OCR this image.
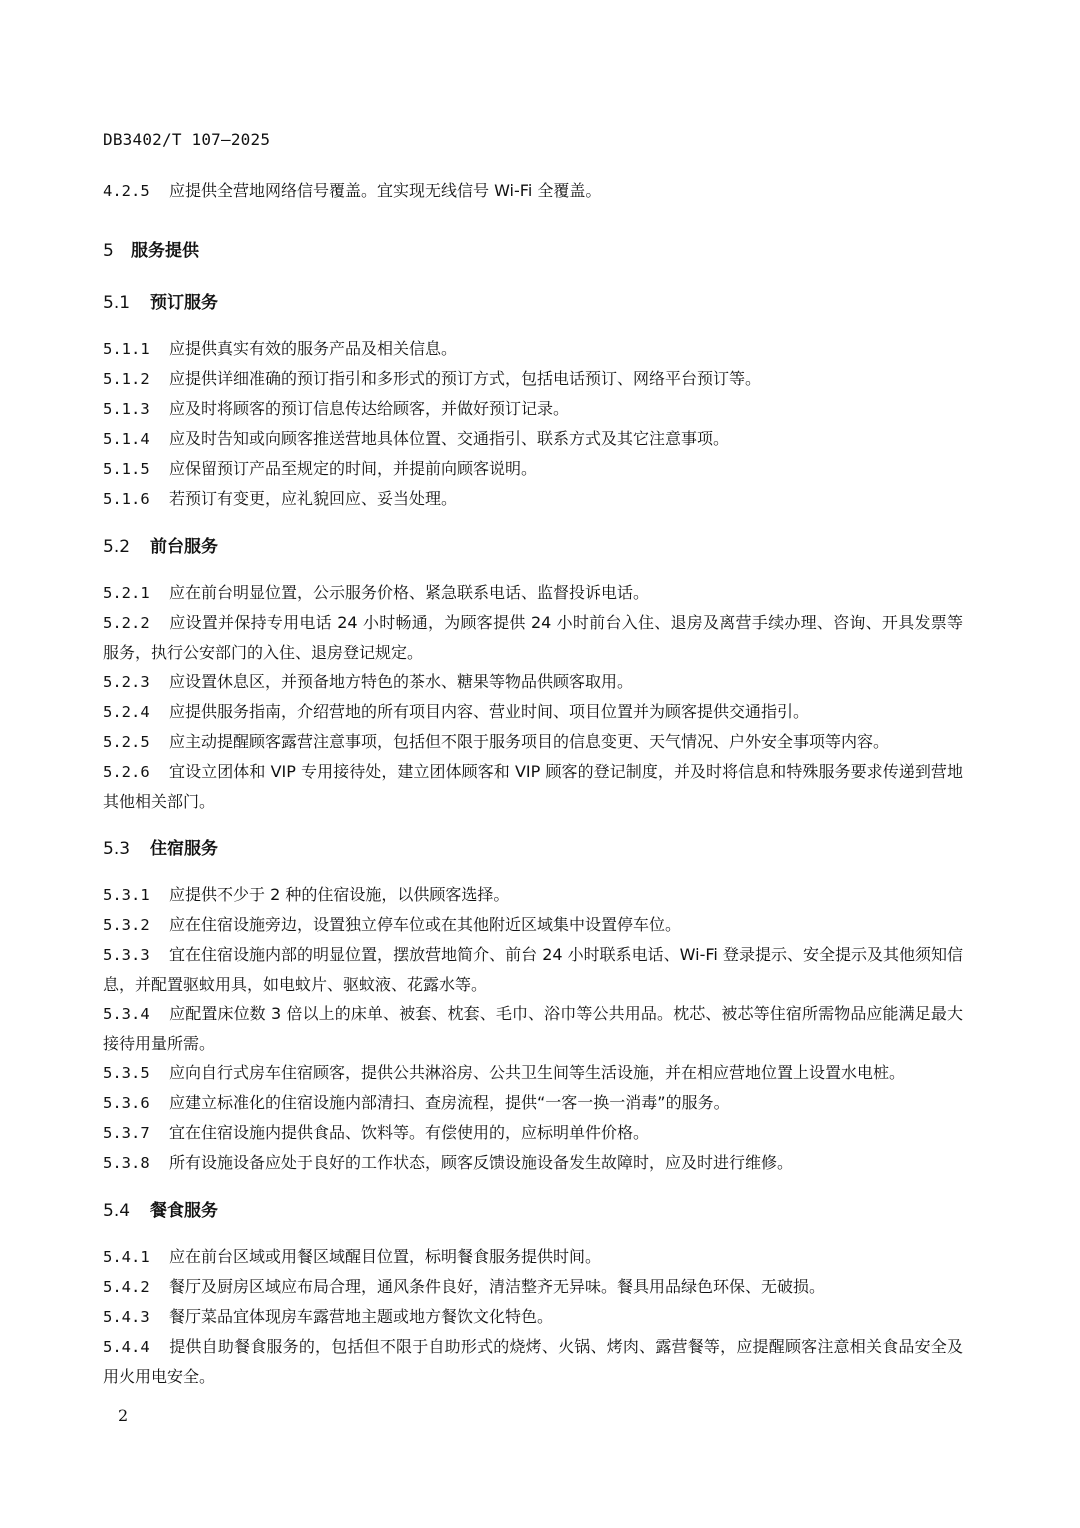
DB3402/T 107—2025

4.2.5 应提供全营地网络信号覆盖。宜实现无线信号 Wi-Fi 全覆盖。

5 服务提供
5.1 预订服务

5.1.1 应提供真实有效的服务产品及相关信息。

5.1.2 应提供详细准确的预订指引和多形式的预订方式，包括电话预订、网络平台预订等。

5.1.3 应及时将顾客的预订信息传达给顾客，并做好预订记录。

5.1.4 应及时告知或向顾客推送营地具体位置、交通指引、联系方式及其它注意事项。

5.1.5 应保留预订产品至规定的时间，并提前向顾客说明。

5.1.6 若预订有变更，应礼貌回应、妥当处理。

5.2 前台服务

5.2.1 应在前台明显位置，公示服务价格、紧急联系电话、监督投诉电话。

5.2.2 应设置并保持专用电话 24 小时畅通，为顾客提供 24 小时前台入住、退房及离营手续办理、咨询、开具发票等服务，执行公安部门的入住、退房登记规定。

5.2.3 应设置休息区，并预备地方特色的茶水、糖果等物品供顾客取用。

5.2.4 应提供服务指南，介绍营地的所有项目内容、营业时间、项目位置并为顾客提供交通指引。

5.2.5 应主动提醒顾客露营注意事项，包括但不限于服务项目的信息变更、天气情况、户外安全事项等内容。

5.2.6 宜设立团体和 VIP 专用接待处，建立团体顾客和 VIP 顾客的登记制度，并及时将信息和特殊服务要求传递到营地其他相关部门。

5.3 住宿服务

5.3.1 应提供不少于 2 种的住宿设施，以供顾客选择。

5.3.2 应在住宿设施旁边，设置独立停车位或在其他附近区域集中设置停车位。

5.3.3 宜在住宿设施内部的明显位置，摆放营地简介、前台 24 小时联系电话、Wi-Fi 登录提示、安全提示及其他须知信息，并配置驱蚊用具，如电蚊片、驱蚊液、花露水等。

5.3.4 应配置床位数 3 倍以上的床单、被套、枕套、毛巾、浴巾等公共用品。枕芯、被芯等住宿所需物品应能满足最大接待用量所需。

5.3.5 应向自行式房车住宿顾客，提供公共淋浴房、公共卫生间等生活设施，并在相应营地位置上设置水电桩。

5.3.6 应建立标准化的住宿设施内部清扫、查房流程，提供“一客一换一消毒”的服务。

5.3.7 宜在住宿设施内提供食品、饮料等。有偿使用的，应标明单件价格。

5.3.8 所有设施设备应处于良好的工作状态，顾客反馈设施设备发生故障时，应及时进行维修。

5.4 餐食服务

5.4.1 应在前台区域或用餐区域醒目位置，标明餐食服务提供时间。

5.4.2 餐厅及厨房区域应布局合理，通风条件良好，清洁整齐无异味。餐具用品绿色环保、无破损。

5.4.3 餐厅菜品宜体现房车露营地主题或地方餐饮文化特色。

5.4.4 提供自助餐食服务的，包括但不限于自助形式的烧烤、火锅、烤肉、露营餐等，应提醒顾客注意相关食品安全及用火用电安全。

2
